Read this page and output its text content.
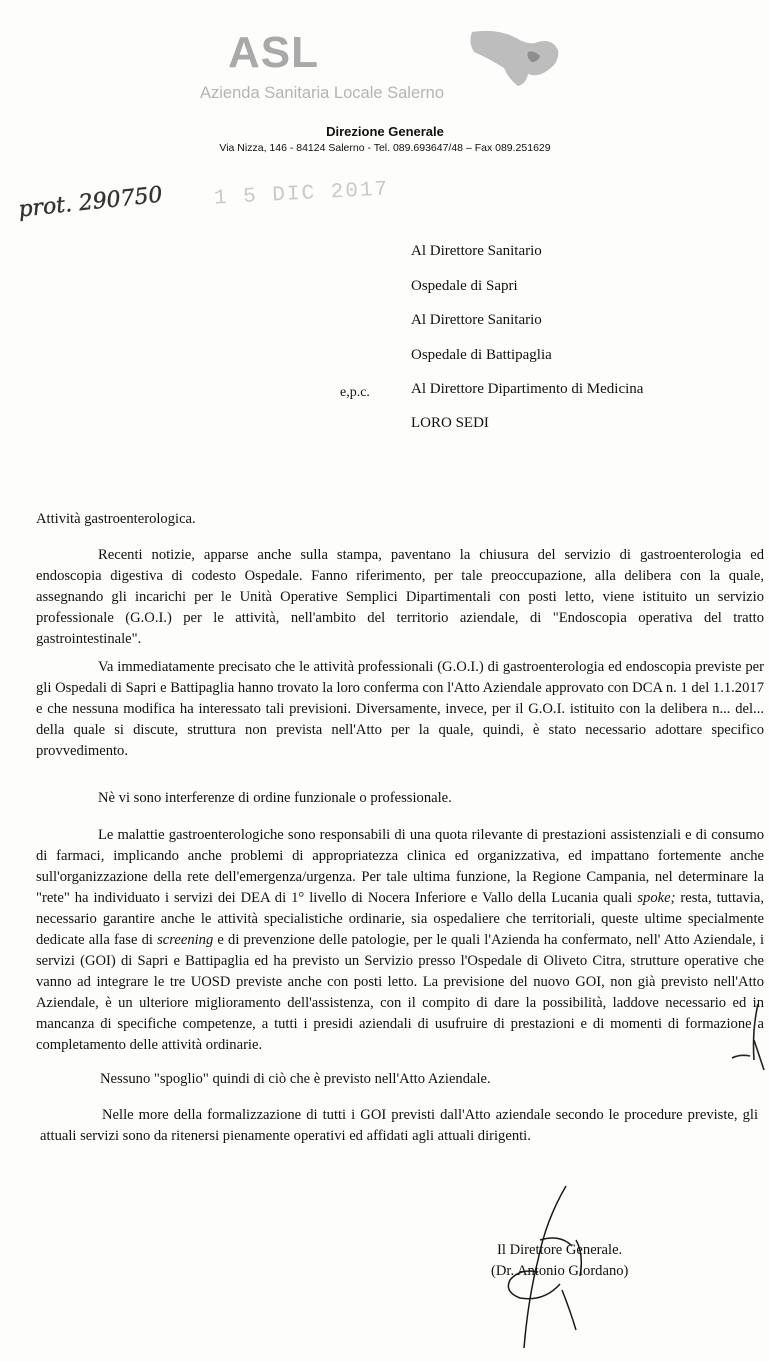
ASL
Azienda Sanitaria Locale Salerno
Direzione Generale
Via Nizza, 146 - 84124 Salerno - Tel. 089.693647/48 – Fax 089.251629
prot. 290750 1 5 DIC 2017
Al Direttore Sanitario
Ospedale di Sapri
Al Direttore Sanitario
Ospedale di Battipaglia
e,p.c.	Al Direttore Dipartimento di Medicina
LORO SEDI
Attività gastroenterologica.

Recenti notizie, apparse anche sulla stampa, paventano la chiusura del servizio di gastroenterologia ed endoscopia digestiva di codesto Ospedale. Fanno riferimento, per tale preoccupazione, alla delibera con la quale, assegnando gli incarichi per le Unità Operative Semplici Dipartimentali con posti letto, viene istituito un servizio professionale (G.O.I.) per le attività, nell'ambito del territorio aziendale, di "Endoscopia operativa del tratto gastrointestinale".

Va immediatamente precisato che le attività professionali (G.O.I.) di gastroenterologia ed endoscopia previste per gli Ospedali di Sapri e Battipaglia hanno trovato la loro conferma con l'Atto Aziendale approvato con DCA n. 1 del 1.1.2017 e che nessuna modifica ha interessato tali previsioni. Diversamente, invece, per il G.O.I. istituito con la delibera n... del... della quale si discute, struttura non prevista nell'Atto per la quale, quindi, è stato necessario adottare specifico provvedimento.

Nè vi sono interferenze di ordine funzionale o professionale.

Le malattie gastroenterologiche sono responsabili di una quota rilevante di prestazioni assistenziali e di consumo di farmaci, implicando anche problemi di appropriatezza clinica ed organizzativa, ed impattano fortemente anche sull'organizzazione della rete dell'emergenza/urgenza. Per tale ultima funzione, la Regione Campania, nel determinare la "rete" ha individuato i servizi dei DEA di 1° livello di Nocera Inferiore e Vallo della Lucania quali spoke; resta, tuttavia, necessario garantire anche le attività specialistiche ordinarie, sia ospedaliere che territoriali, queste ultime specialmente dedicate alla fase di screening e di prevenzione delle patologie, per le quali l'Azienda ha confermato, nell' Atto Aziendale, i servizi (GOI) di Sapri e Battipaglia ed ha previsto un Servizio presso l'Ospedale di Oliveto Citra, strutture operative che vanno ad integrare le tre UOSD previste anche con posti letto. La previsione del nuovo GOI, non già previsto nell'Atto Aziendale, è un ulteriore miglioramento dell'assistenza, con il compito di dare la possibilità, laddove necessario ed in mancanza di specifiche competenze, a tutti i presidi aziendali di usufruire di prestazioni e di momenti di formazione a completamento delle attività ordinarie.

Nessuno "spoglio" quindi di ciò che è previsto nell'Atto Aziendale.

Nelle more della formalizzazione di tutti i GOI previsti dall'Atto aziendale secondo le procedure previste, gli attuali servizi sono da ritenersi pienamente operativi ed affidati agli attuali dirigenti.

Il Direttore Generale.
(Dr. Antonio Giordano)
